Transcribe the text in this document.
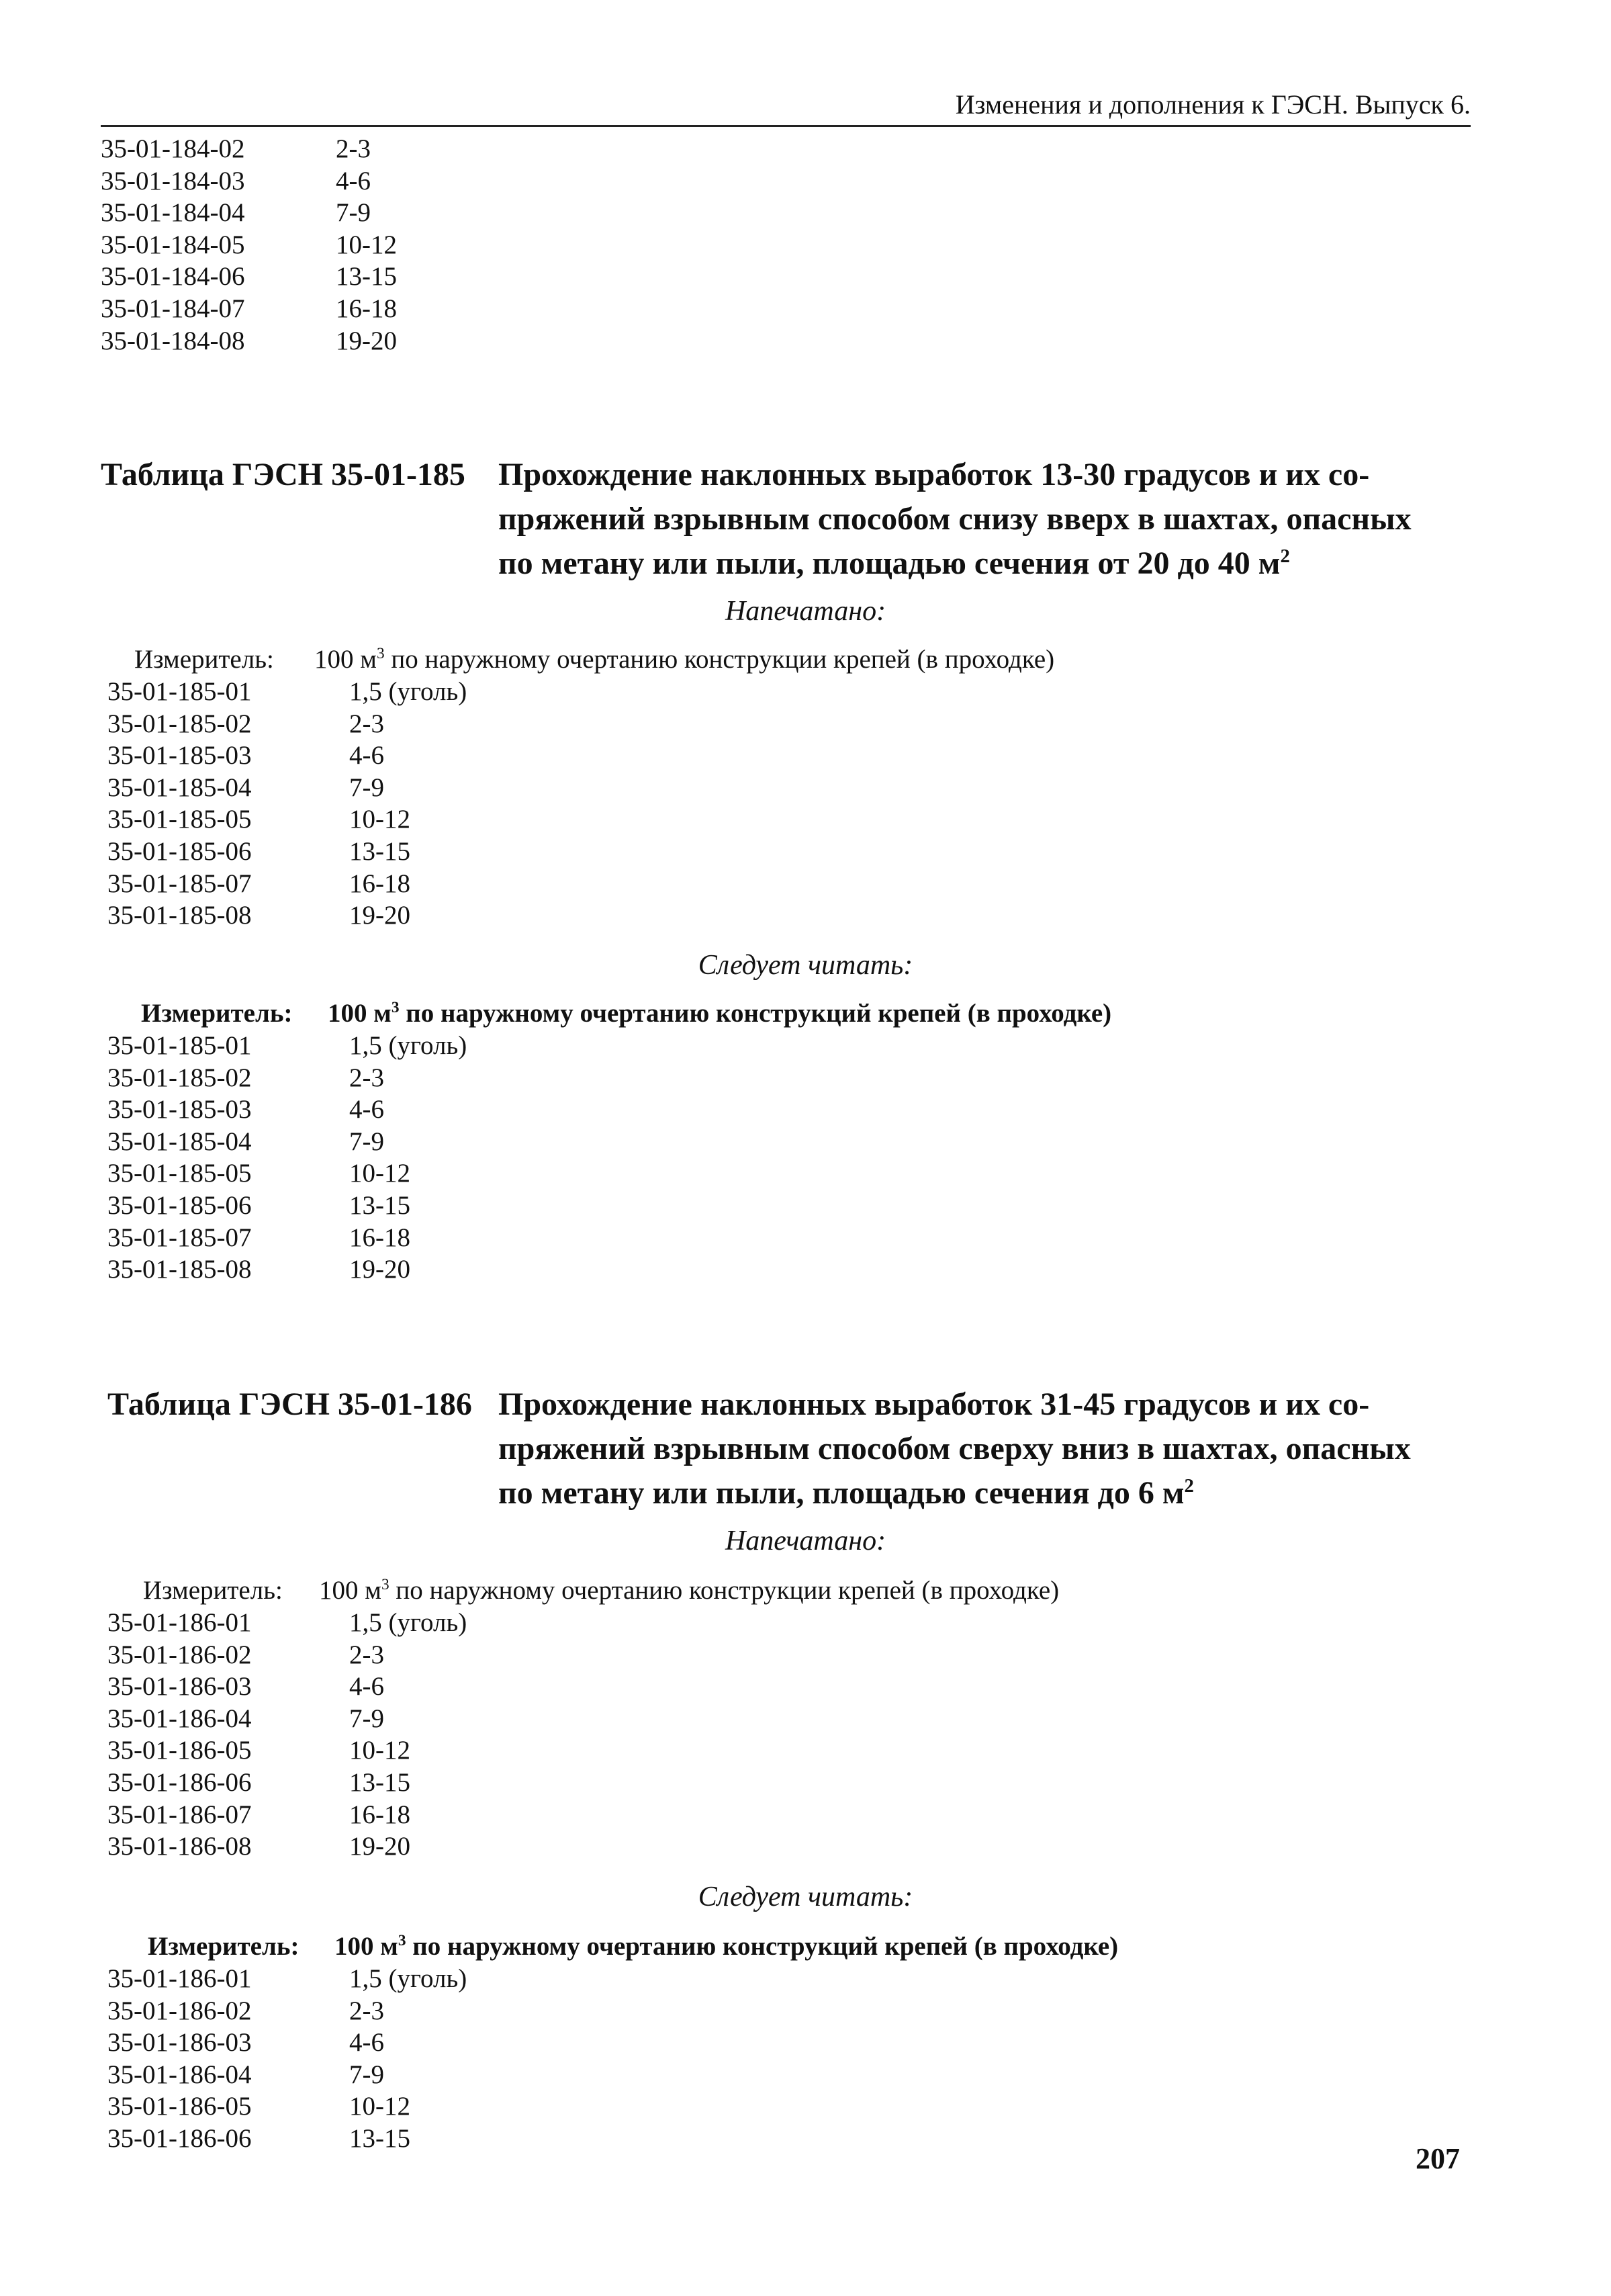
Изменения и дополнения к ГЭСН. Выпуск 6.
35-01-184-02	2-3
35-01-184-03	4-6
35-01-184-04	7-9
35-01-184-05	10-12
35-01-184-06	13-15
35-01-184-07	16-18
35-01-184-08	19-20
Таблица ГЭСН 35-01-185 Прохождение наклонных выработок 13-30 градусов и их со-
пряжений взрывным способом снизу вверх в шахтах, опасных
по метану или пыли, площадью сечения от 20 до 40 $м^2$
Напечатано:
Измеритель: 100 $м^3$ по наружному очертанию конструкции крепей (в проходке)
35-01-185-01	1,5 (уголь)
35-01-185-02	2-3
35-01-185-03	4-6
35-01-185-04	7-9
35-01-185-05	10-12
35-01-185-06	13-15
35-01-185-07	16-18
35-01-185-08	19-20
Следует читать:
Измеритель: 100 $м^3$ по наружному очертанию конструкций крепей (в проходке)
35-01-185-01	1,5 (уголь)
35-01-185-02	2-3
35-01-185-03	4-6
35-01-185-04	7-9
35-01-185-05	10-12
35-01-185-06	13-15
35-01-185-07	16-18
35-01-185-08	19-20
Таблица ГЭСН 35-01-186 Прохождение наклонных выработок 31-45 градусов и их со-
пряжений взрывным способом сверху вниз в шахтах, опасных
по метану или пыли, площадью сечения до 6 $м^2$
Напечатано:
Измеритель: 100 $м^3$ по наружному очертанию конструкции крепей (в проходке)
35-01-186-01	1,5 (уголь)
35-01-186-02	2-3
35-01-186-03	4-6
35-01-186-04	7-9
35-01-186-05	10-12
35-01-186-06	13-15
35-01-186-07	16-18
35-01-186-08	19-20
Следует читать:
Измеритель: 100 $м^3$ по наружному очертанию конструкций крепей (в проходке)
35-01-186-01	1,5 (уголь)
35-01-186-02	2-3
35-01-186-03	4-6
35-01-186-04	7-9
35-01-186-05	10-12
35-01-186-06	13-15
207
